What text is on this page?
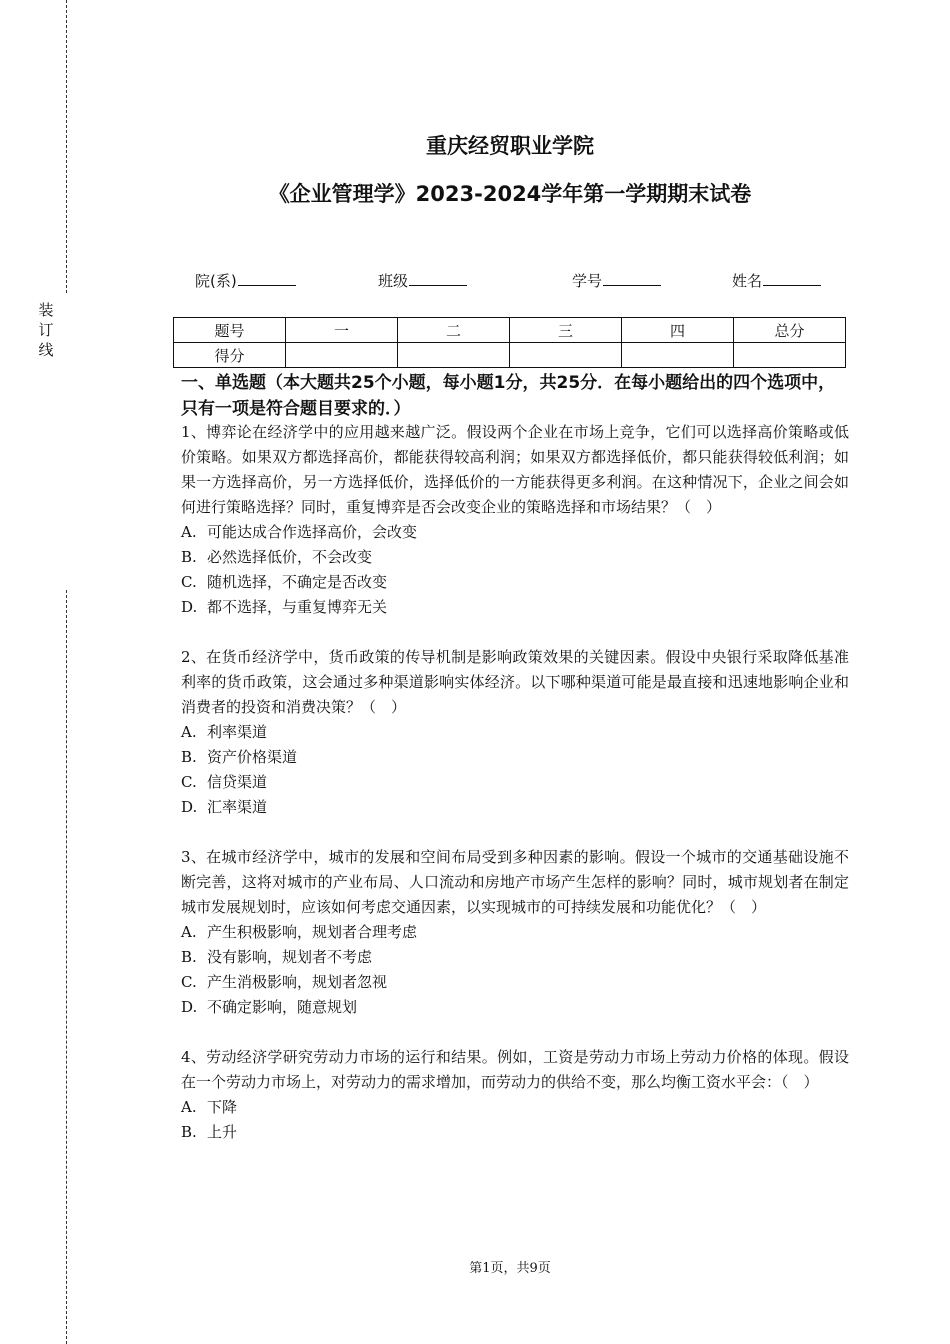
装
订
线
重庆经贸职业学院
《企业管理学》2023-2024学年第一学期期末试卷
院(系)	班级	学号	姓名
题号	一	二	三	四	总分
得分					
一、单选题（本大题共25个小题，每小题1分，共25分．在每小题给出的四个选项中，只有一项是符合题目要求的．）

1、博弈论在经济学中的应用越来越广泛。假设两个企业在市场上竞争，它们可以选择高价策略或低价策略。如果双方都选择高价，都能获得较高利润；如果双方都选择低价，都只能获得较低利润；如果一方选择高价，另一方选择低价，选择低价的一方能获得更多利润。在这种情况下，企业之间会如何进行策略选择？同时，重复博弈是否会改变企业的策略选择和市场结果？（　）

A. 可能达成合作选择高价，会改变

B. 必然选择低价，不会改变

C. 随机选择，不确定是否改变

D. 都不选择，与重复博弈无关

2、在货币经济学中，货币政策的传导机制是影响政策效果的关键因素。假设中央银行采取降低基准利率的货币政策，这会通过多种渠道影响实体经济。以下哪种渠道可能是最直接和迅速地影响企业和消费者的投资和消费决策？（　）

A. 利率渠道

B. 资产价格渠道

C. 信贷渠道

D. 汇率渠道

3、在城市经济学中，城市的发展和空间布局受到多种因素的影响。假设一个城市的交通基础设施不断完善，这将对城市的产业布局、人口流动和房地产市场产生怎样的影响？同时，城市规划者在制定城市发展规划时，应该如何考虑交通因素，以实现城市的可持续发展和功能优化？（　）

A. 产生积极影响，规划者合理考虑

B. 没有影响，规划者不考虑

C. 产生消极影响，规划者忽视

D. 不确定影响，随意规划

4、劳动经济学研究劳动力市场的运行和结果。例如，工资是劳动力市场上劳动力价格的体现。假设在一个劳动力市场上，对劳动力的需求增加，而劳动力的供给不变，那么均衡工资水平会：（　）

A. 下降

B. 上升

第1页，共9页
